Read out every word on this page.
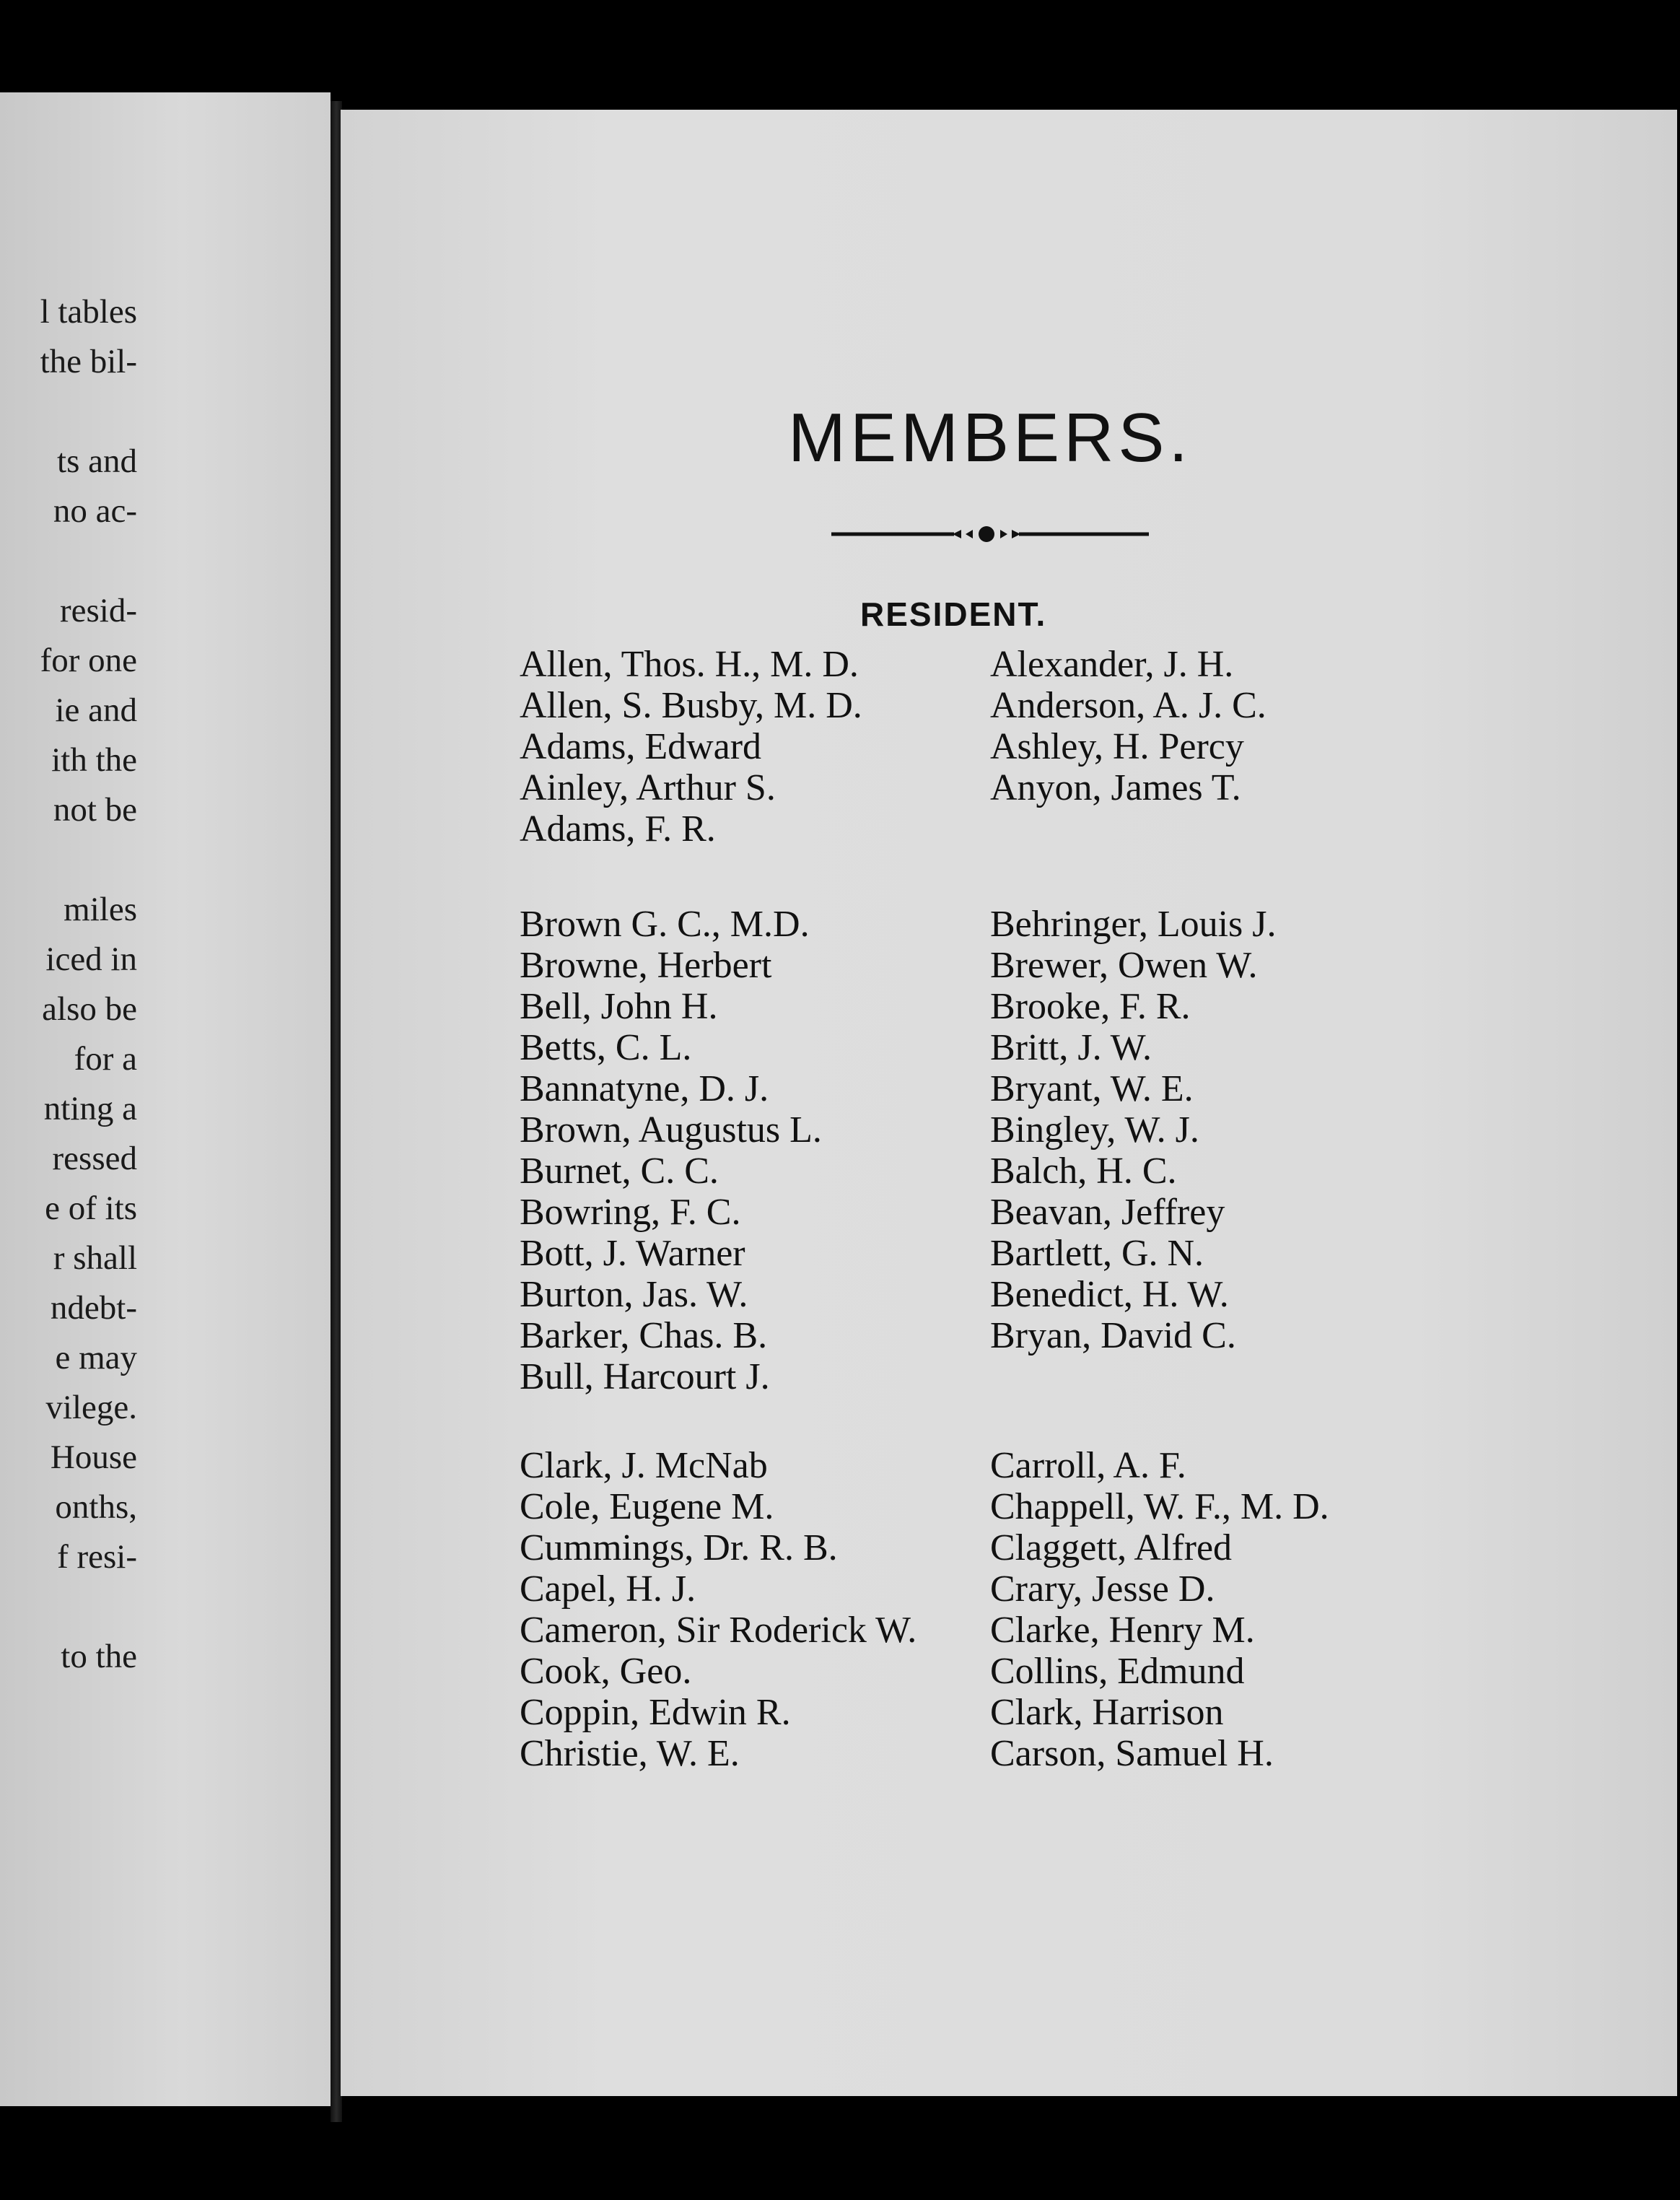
l tables
the bil-
ts and
no ac-
resid-
for one
ie and
ith the
not be
miles
iced in
also be
for a
nting a
ressed
e of its
r shall
ndebt-
e may
vilege.
House
onths,
f resi-
to the
MEMBERS.
RESIDENT.
Allen, Thos. H., M. D.
Allen, S. Busby, M. D.
Adams, Edward
Ainley, Arthur S.
Adams, F. R.
Alexander, J. H.
Anderson, A. J. C.
Ashley, H. Percy
Anyon, James T.
Brown G. C., M.D.
Browne, Herbert
Bell, John H.
Betts, C. L.
Bannatyne, D. J.
Brown, Augustus L.
Burnet, C. C.
Bowring, F. C.
Bott, J. Warner
Burton, Jas. W.
Barker, Chas. B.
Bull, Harcourt J.
Behringer, Louis J.
Brewer, Owen W.
Brooke, F. R.
Britt, J. W.
Bryant, W. E.
Bingley, W. J.
Balch, H. C.
Beavan, Jeffrey
Bartlett, G. N.
Benedict, H. W.
Bryan, David C.
Clark, J. McNab
Cole, Eugene M.
Cummings, Dr. R. B.
Capel, H. J.
Cameron, Sir Roderick W.
Cook, Geo.
Coppin, Edwin R.
Christie, W. E.
Carroll, A. F.
Chappell, W. F., M. D.
Claggett, Alfred
Crary, Jesse D.
Clarke, Henry M.
Collins, Edmund
Clark, Harrison
Carson, Samuel H.
